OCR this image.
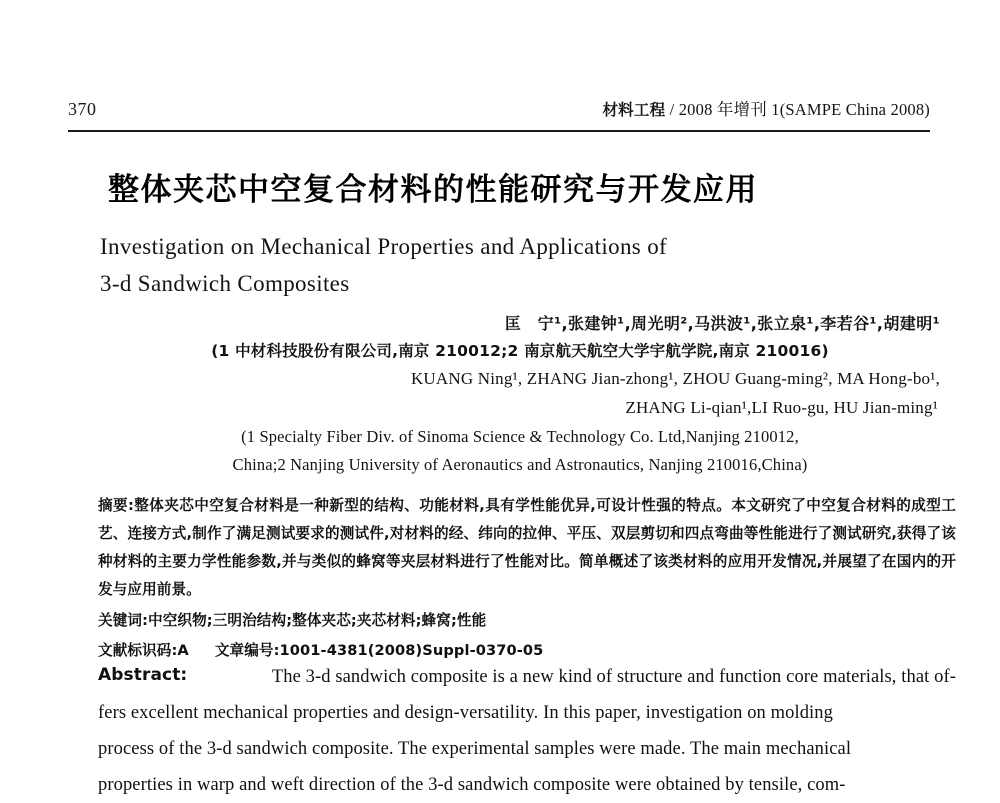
370	材料工程 / 2008 年增刊 1(SAMPE China 2008)
整体夹芯中空复合材料的性能研究与开发应用
Investigation on Mechanical Properties and Applications of
3-d Sandwich Composites
匡　宁¹,张建钟¹,周光明²,马洪波¹,张立泉¹,李若谷¹,胡建明¹
(1 中材科技股份有限公司,南京 210012;2 南京航天航空大学宇航学院,南京 210016)
KUANG Ning¹, ZHANG Jian-zhong¹, ZHOU Guang-ming², MA Hong-bo¹,
ZHANG Li-qian¹,LI Ruo-gu, HU Jian-ming¹
(1 Specialty Fiber Div. of Sinoma Science & Technology Co. Ltd,Nanjing 210012,
China;2 Nanjing University of Aeronautics and Astronautics, Nanjing 210016,China)

摘要:整体夹芯中空复合材料是一种新型的结构、功能材料,具有学性能优异,可设计性强的特点。本文研究了中空复合材料的成型工艺、连接方式,制作了满足测试要求的测试件,对材料的经、纬向的拉伸、平压、双层剪切和四点弯曲等性能进行了测试研究,获得了该种材料的主要力学性能参数,并与类似的蜂窝等夹层材料进行了性能对比。简单概述了该类材料的应用开发情况,并展望了在国内的开发与应用前景。

关键词:中空织物;三明治结构;整体夹芯;夹芯材料;蜂窝;性能

文献标识码:A 文章编号:1001-4381(2008)Suppl-0370-05

Abstract:	The 3-d sandwich composite is a new kind of structure and function core materials, that of-
fers excellent mechanical properties and design-versatility. In this paper, investigation on molding
process of the 3-d sandwich composite. The experimental samples were made. The main mechanical
properties in warp and weft direction of the 3-d sandwich composite were obtained by tensile, com-
